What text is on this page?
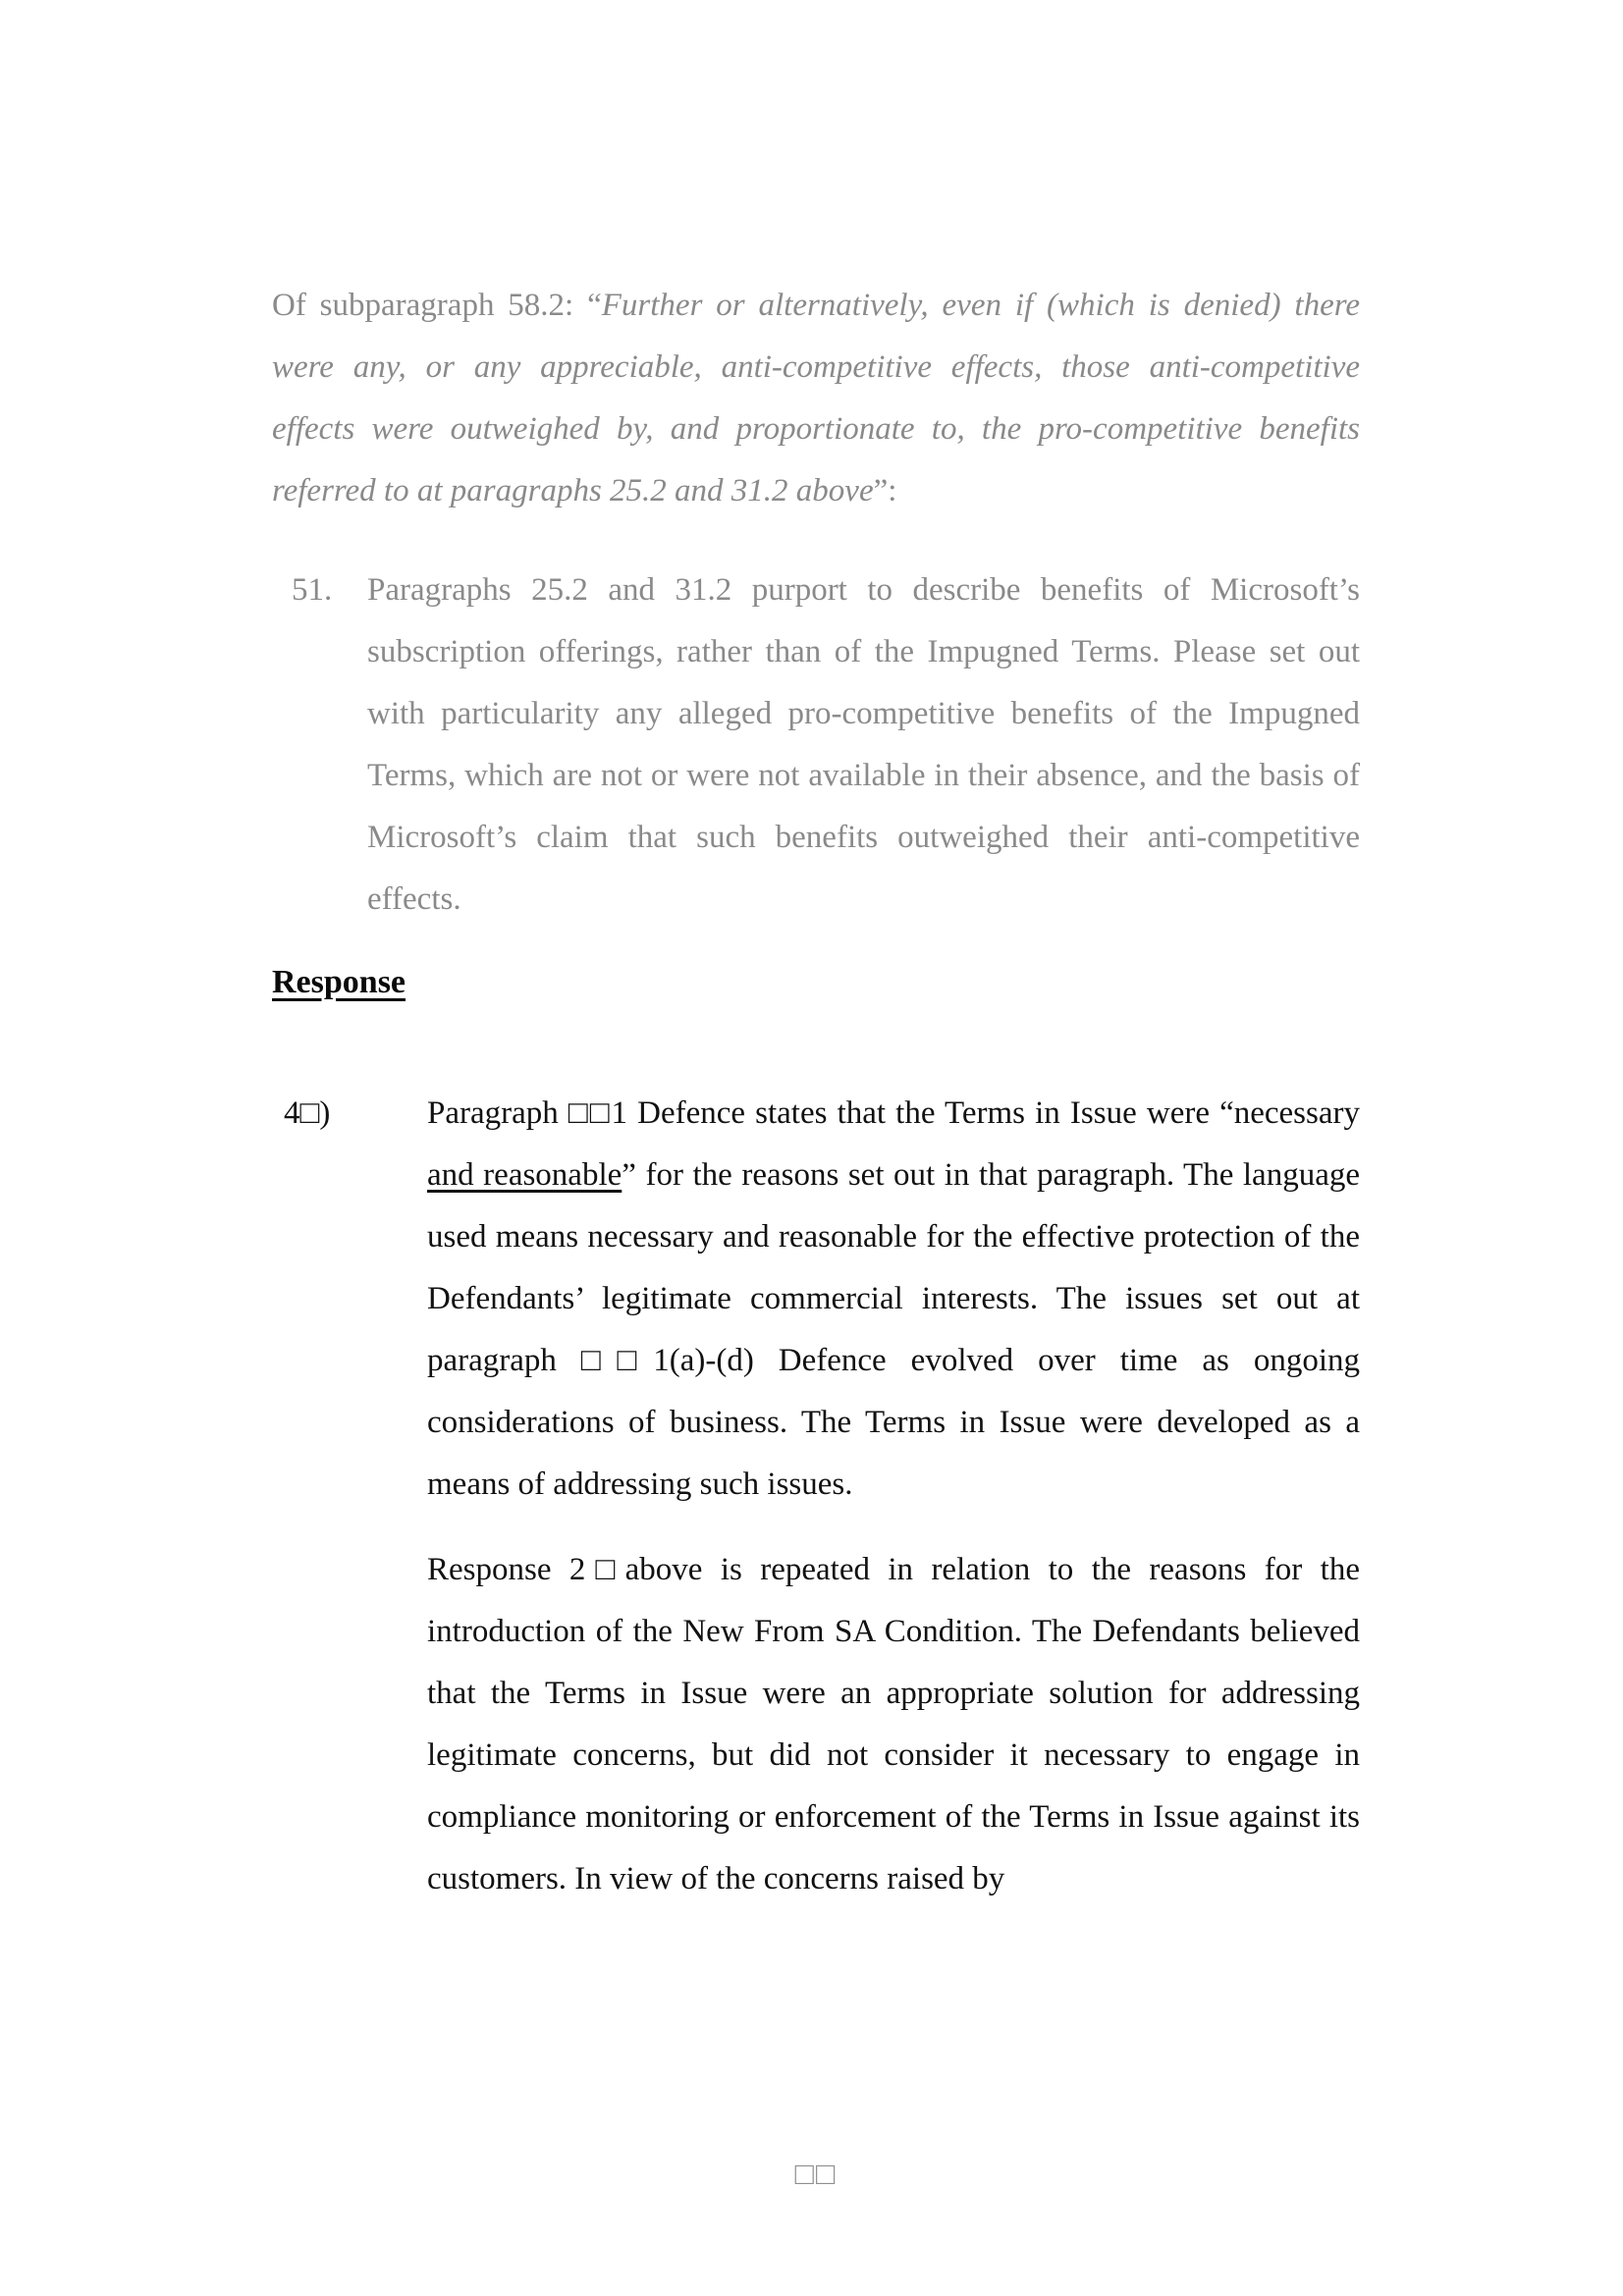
Of subparagraph 58.2: “Further or alternatively, even if (which is denied) there were any, or any appreciable, anti-competitive effects, those anti-competitive effects were outweighed by, and proportionate to, the pro-competitive benefits referred to at paragraphs 25.2 and 31.2 above”:

51. Paragraphs 25.2 and 31.2 purport to describe benefits of Microsoft’s subscription offerings, rather than of the Impugned Terms. Please set out with particularity any alleged pro-competitive benefits of the Impugned Terms, which are not or were not available in their absence, and the basis of Microsoft’s claim that such benefits outweighed their anti-competitive effects.

Response
4□)	Paragraph □□1 Defence states that the Terms in Issue were “necessary and reasonable” for the reasons set out in that paragraph. The language used means necessary and reasonable for the effective protection of the Defendants’ legitimate commercial interests. The issues set out at paragraph □□1(a)-(d) Defence evolved over time as ongoing considerations of business. The Terms in Issue were developed as a means of addressing such issues.

Response 2□above is repeated in relation to the reasons for the introduction of the New From SA Condition. The Defendants believed that the Terms in Issue were an appropriate solution for addressing legitimate concerns, but did not consider it necessary to engage in compliance monitoring or enforcement of the Terms in Issue against its customers. In view of the concerns raised by

□□
